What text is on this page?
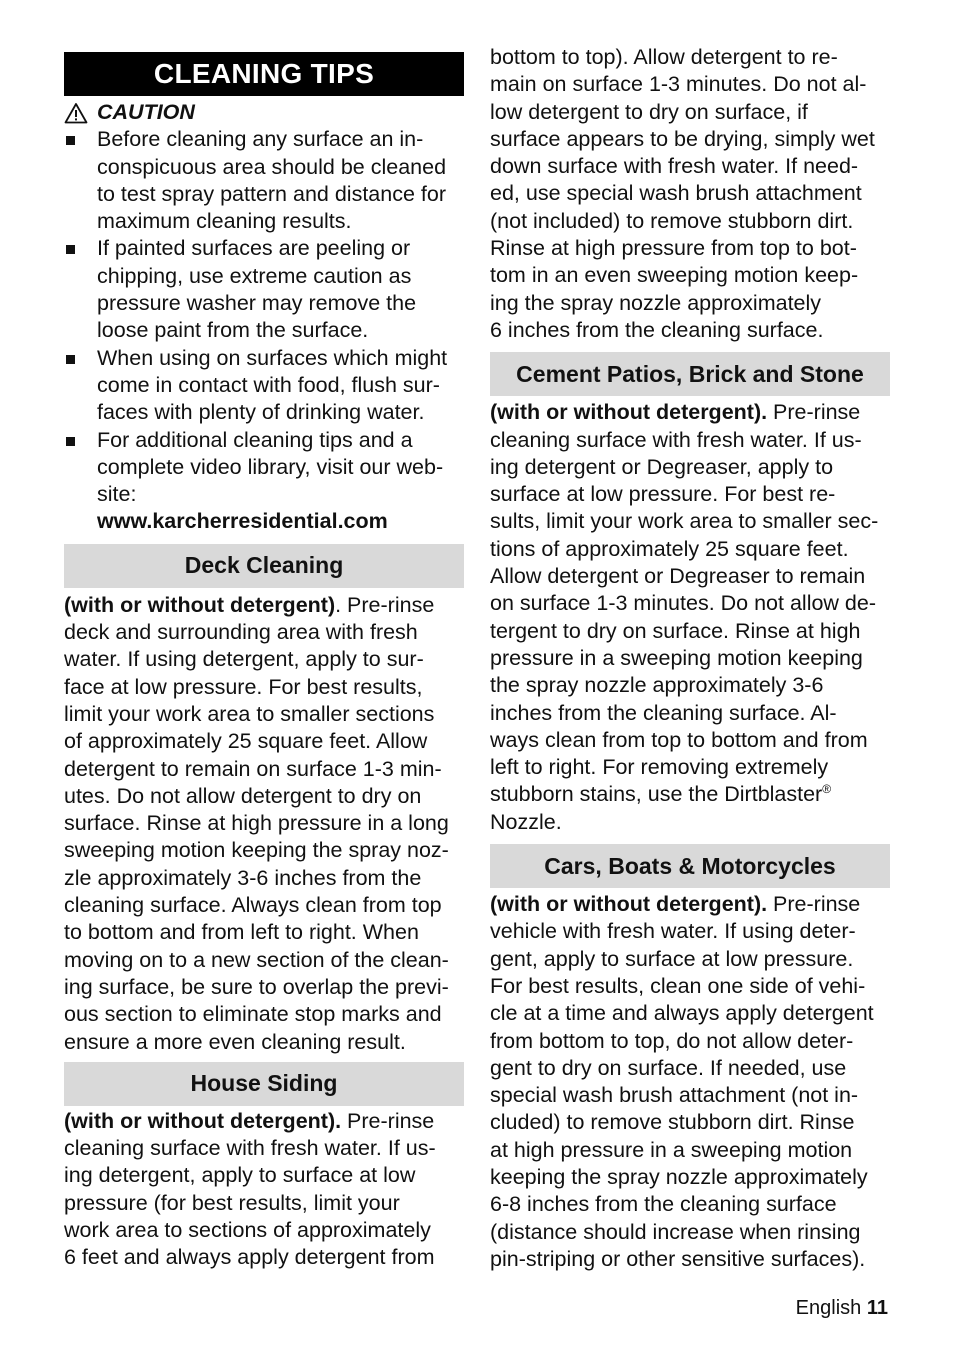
CLEANING TIPS
CAUTION
Before cleaning any surface an in-
conspicuous area should be cleaned
to test spray pattern and distance for
maximum cleaning results.
If painted surfaces are peeling or
chipping, use extreme caution as
pressure washer may remove the
loose paint from the surface.
When using on surfaces which might
come in contact with food, flush sur-
faces with plenty of drinking water.
For additional cleaning tips and a
complete video library, visit our web-
site:
www.karcherresidential.com
Deck Cleaning

(with or without detergent). Pre-rinse
deck and surrounding area with fresh
water. If using detergent, apply to sur-
face at low pressure. For best results,
limit your work area to smaller sections
of approximately 25 square feet. Allow
detergent to remain on surface 1-3 min-
utes. Do not allow detergent to dry on
surface. Rinse at high pressure in a long
sweeping motion keeping the spray noz-
zle approximately 3-6 inches from the
cleaning surface. Always clean from top
to bottom and from left to right. When
moving on to a new section of the clean-
ing surface, be sure to overlap the previ-
ous section to eliminate stop marks and
ensure a more even cleaning result.

House Siding

(with or without detergent). Pre-rinse
cleaning surface with fresh water. If us-
ing detergent, apply to surface at low
pressure (for best results, limit your
work area to sections of approximately
6 feet and always apply detergent from

bottom to top). Allow detergent to re-
main on surface 1-3 minutes. Do not al-
low detergent to dry on surface, if
surface appears to be drying, simply wet
down surface with fresh water. If need-
ed, use special wash brush attachment
(not included) to remove stubborn dirt.
Rinse at high pressure from top to bot-
tom in an even sweeping motion keep-
ing the spray nozzle approximately
6 inches from the cleaning surface.

Cement Patios, Brick and Stone

(with or without detergent). Pre-rinse
cleaning surface with fresh water. If us-
ing detergent or Degreaser, apply to
surface at low pressure. For best re-
sults, limit your work area to smaller sec-
tions of approximately 25 square feet.
Allow detergent or Degreaser to remain
on surface 1-3 minutes. Do not allow de-
tergent to dry on surface. Rinse at high
pressure in a sweeping motion keeping
the spray nozzle approximately 3-6
inches from the cleaning surface. Al-
ways clean from top to bottom and from
left to right. For removing extremely
stubborn stains, use the Dirtblaster®
Nozzle.

Cars, Boats & Motorcycles

(with or without detergent). Pre-rinse
vehicle with fresh water. If using deter-
gent, apply to surface at low pressure.
For best results, clean one side of vehi-
cle at a time and always apply detergent
from bottom to top, do not allow deter-
gent to dry on surface. If needed, use
special wash brush attachment (not in-
cluded) to remove stubborn dirt. Rinse
at high pressure in a sweeping motion
keeping the spray nozzle approximately
6-8 inches from the cleaning surface
(distance should increase when rinsing
pin-striping or other sensitive surfaces).

English 11
